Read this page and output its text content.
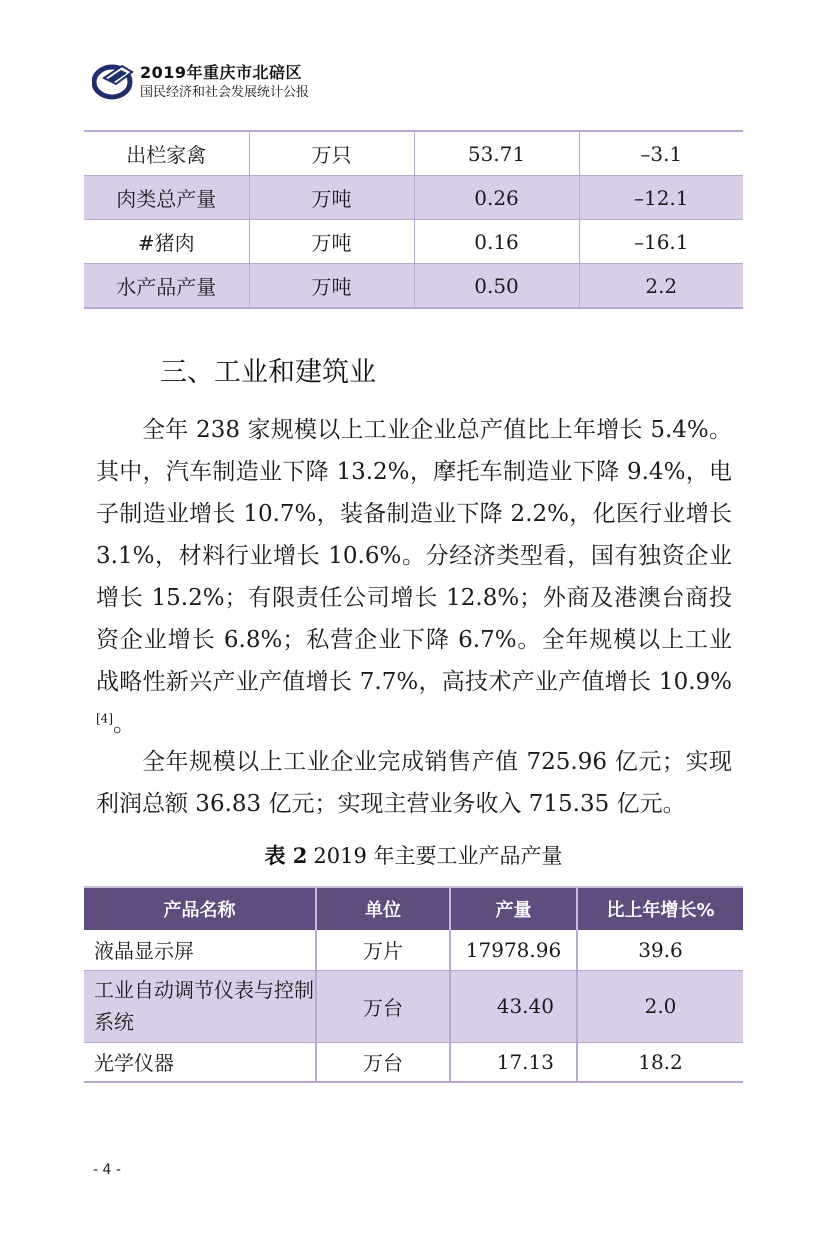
2019年重庆市北碚区
国民经济和社会发展统计公报
出栏家禽	万只	53.71	–3.1
肉类总产量	万吨	0.26	–12.1
#猪肉	万吨	0.16	–16.1
水产品产量	万吨	0.50	2.2
三、工业和建筑业
全年 238 家规模以上工业企业总产值比上年增长 5.4%。其中，汽车制造业下降 13.2%，摩托车制造业下降 9.4%，电子制造业增长 10.7%，装备制造业下降 2.2%，化医行业增长 3.1%，材料行业增长 10.6%。分经济类型看，国有独资企业增长 15.2%；有限责任公司增长 12.8%；外商及港澳台商投资企业增长 6.8%；私营企业下降 6.7%。全年规模以上工业战略性新兴产业产值增长 7.7%，高技术产业产值增长 10.9%[4]。
全年规模以上工业企业完成销售产值 725.96 亿元；实现利润总额 36.83 亿元；实现主营业务收入 715.35 亿元。
表 2 2019 年主要工业产品产量
产品名称	单位	产量	比上年增长%
液晶显示屏	万片	17978.96	39.6
工业自动调节仪表与控制系统	万台	43.40	2.0
光学仪器	万台	17.13	18.2
- 4 -
